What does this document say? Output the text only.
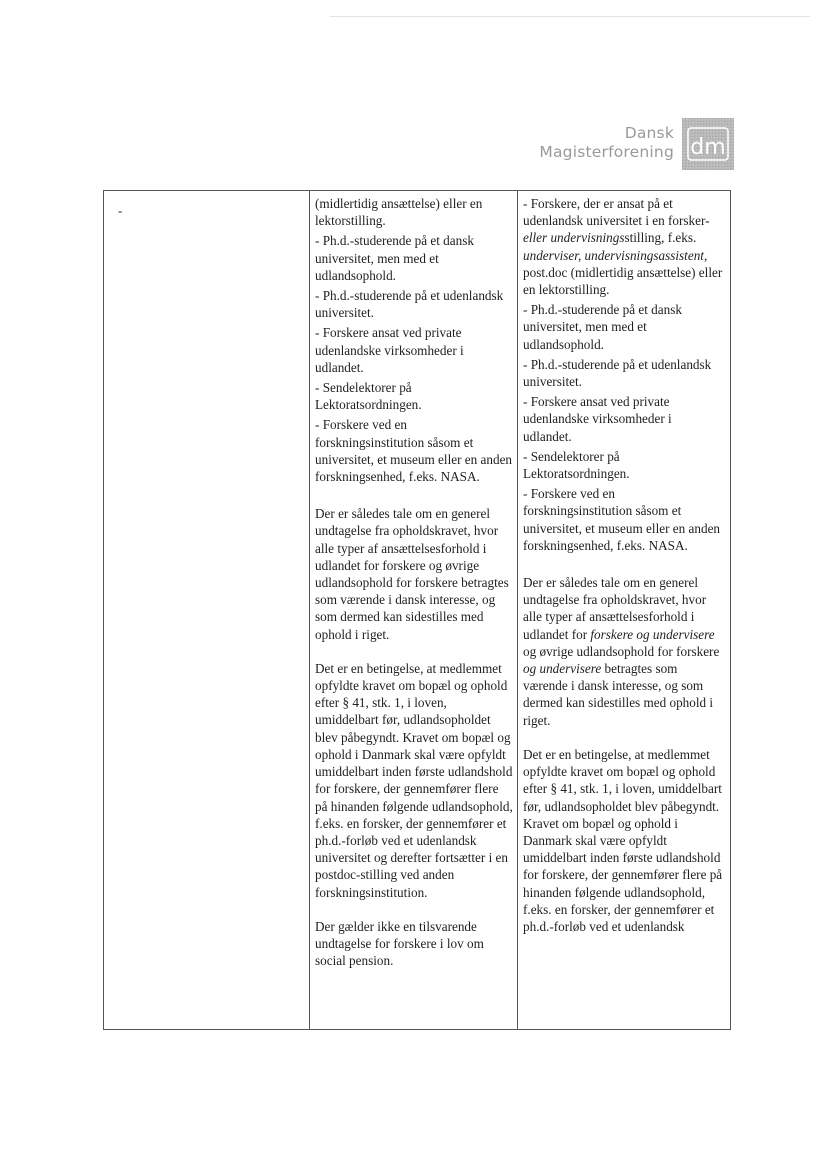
Dansk
Magisterforening dm
-	(midlertidig ansættelse) eller en lektorstilling.

- Ph.d.-studerende på et dansk universitet, men med et udlandsophold.

- Ph.d.-studerende på et udenlandsk universitet.

- Forskere ansat ved private udenlandske virksomheder i udlandet.

- Sendelektorer på Lektoratsordningen.

- Forskere ved en forskningsinstitution såsom et universitet, et museum eller en anden forskningsenhed, f.eks. NASA.

Der er således tale om en generel undtagelse fra opholdskravet, hvor alle typer af ansættelsesforhold i udlandet for forskere og øvrige udlandsophold for forskere betragtes som værende i dansk interesse, og som dermed kan sidestilles med ophold i riget.

Det er en betingelse, at medlemmet opfyldte kravet om bopæl og ophold efter § 41, stk. 1, i loven, umiddelbart før, udlandsopholdet blev påbegyndt. Kravet om bopæl og ophold i Danmark skal være opfyldt umiddelbart inden første udlandshold for forskere, der gennemfører flere på hinanden følgende udlandsophold, f.eks. en forsker, der gennemfører et ph.d.-forløb ved et udenlandsk universitet og derefter fortsætter i en postdoc-stilling ved anden forskningsinstitution.

Der gælder ikke en tilsvarende undtagelse for forskere i lov om social pension.

- Forskere, der er ansat på et udenlandsk universitet i en forsker- eller undervisningsstilling, f.eks. underviser, undervisningsassistent, post.doc (midlertidig ansættelse) eller en lektorstilling.

- Ph.d.-studerende på et dansk universitet, men med et udlandsophold.

- Ph.d.-studerende på et udenlandsk universitet.

- Forskere ansat ved private udenlandske virksomheder i udlandet.

- Sendelektorer på Lektoratsordningen.

- Forskere ved en forskningsinstitution såsom et universitet, et museum eller en anden forskningsenhed, f.eks. NASA.

Der er således tale om en generel undtagelse fra opholdskravet, hvor alle typer af ansættelsesforhold i udlandet for forskere og undervisere og øvrige udlandsophold for forskere og undervisere betragtes som værende i dansk interesse, og som dermed kan sidestilles med ophold i riget.

Det er en betingelse, at medlemmet opfyldte kravet om bopæl og ophold efter § 41, stk. 1, i loven, umiddelbart før, udlandsopholdet blev påbegyndt. Kravet om bopæl og ophold i Danmark skal være opfyldt umiddelbart inden første udlandshold for forskere, der gennemfører flere på hinanden følgende udlandsophold, f.eks. en forsker, der gennemfører et ph.d.-forløb ved et udenlandsk
